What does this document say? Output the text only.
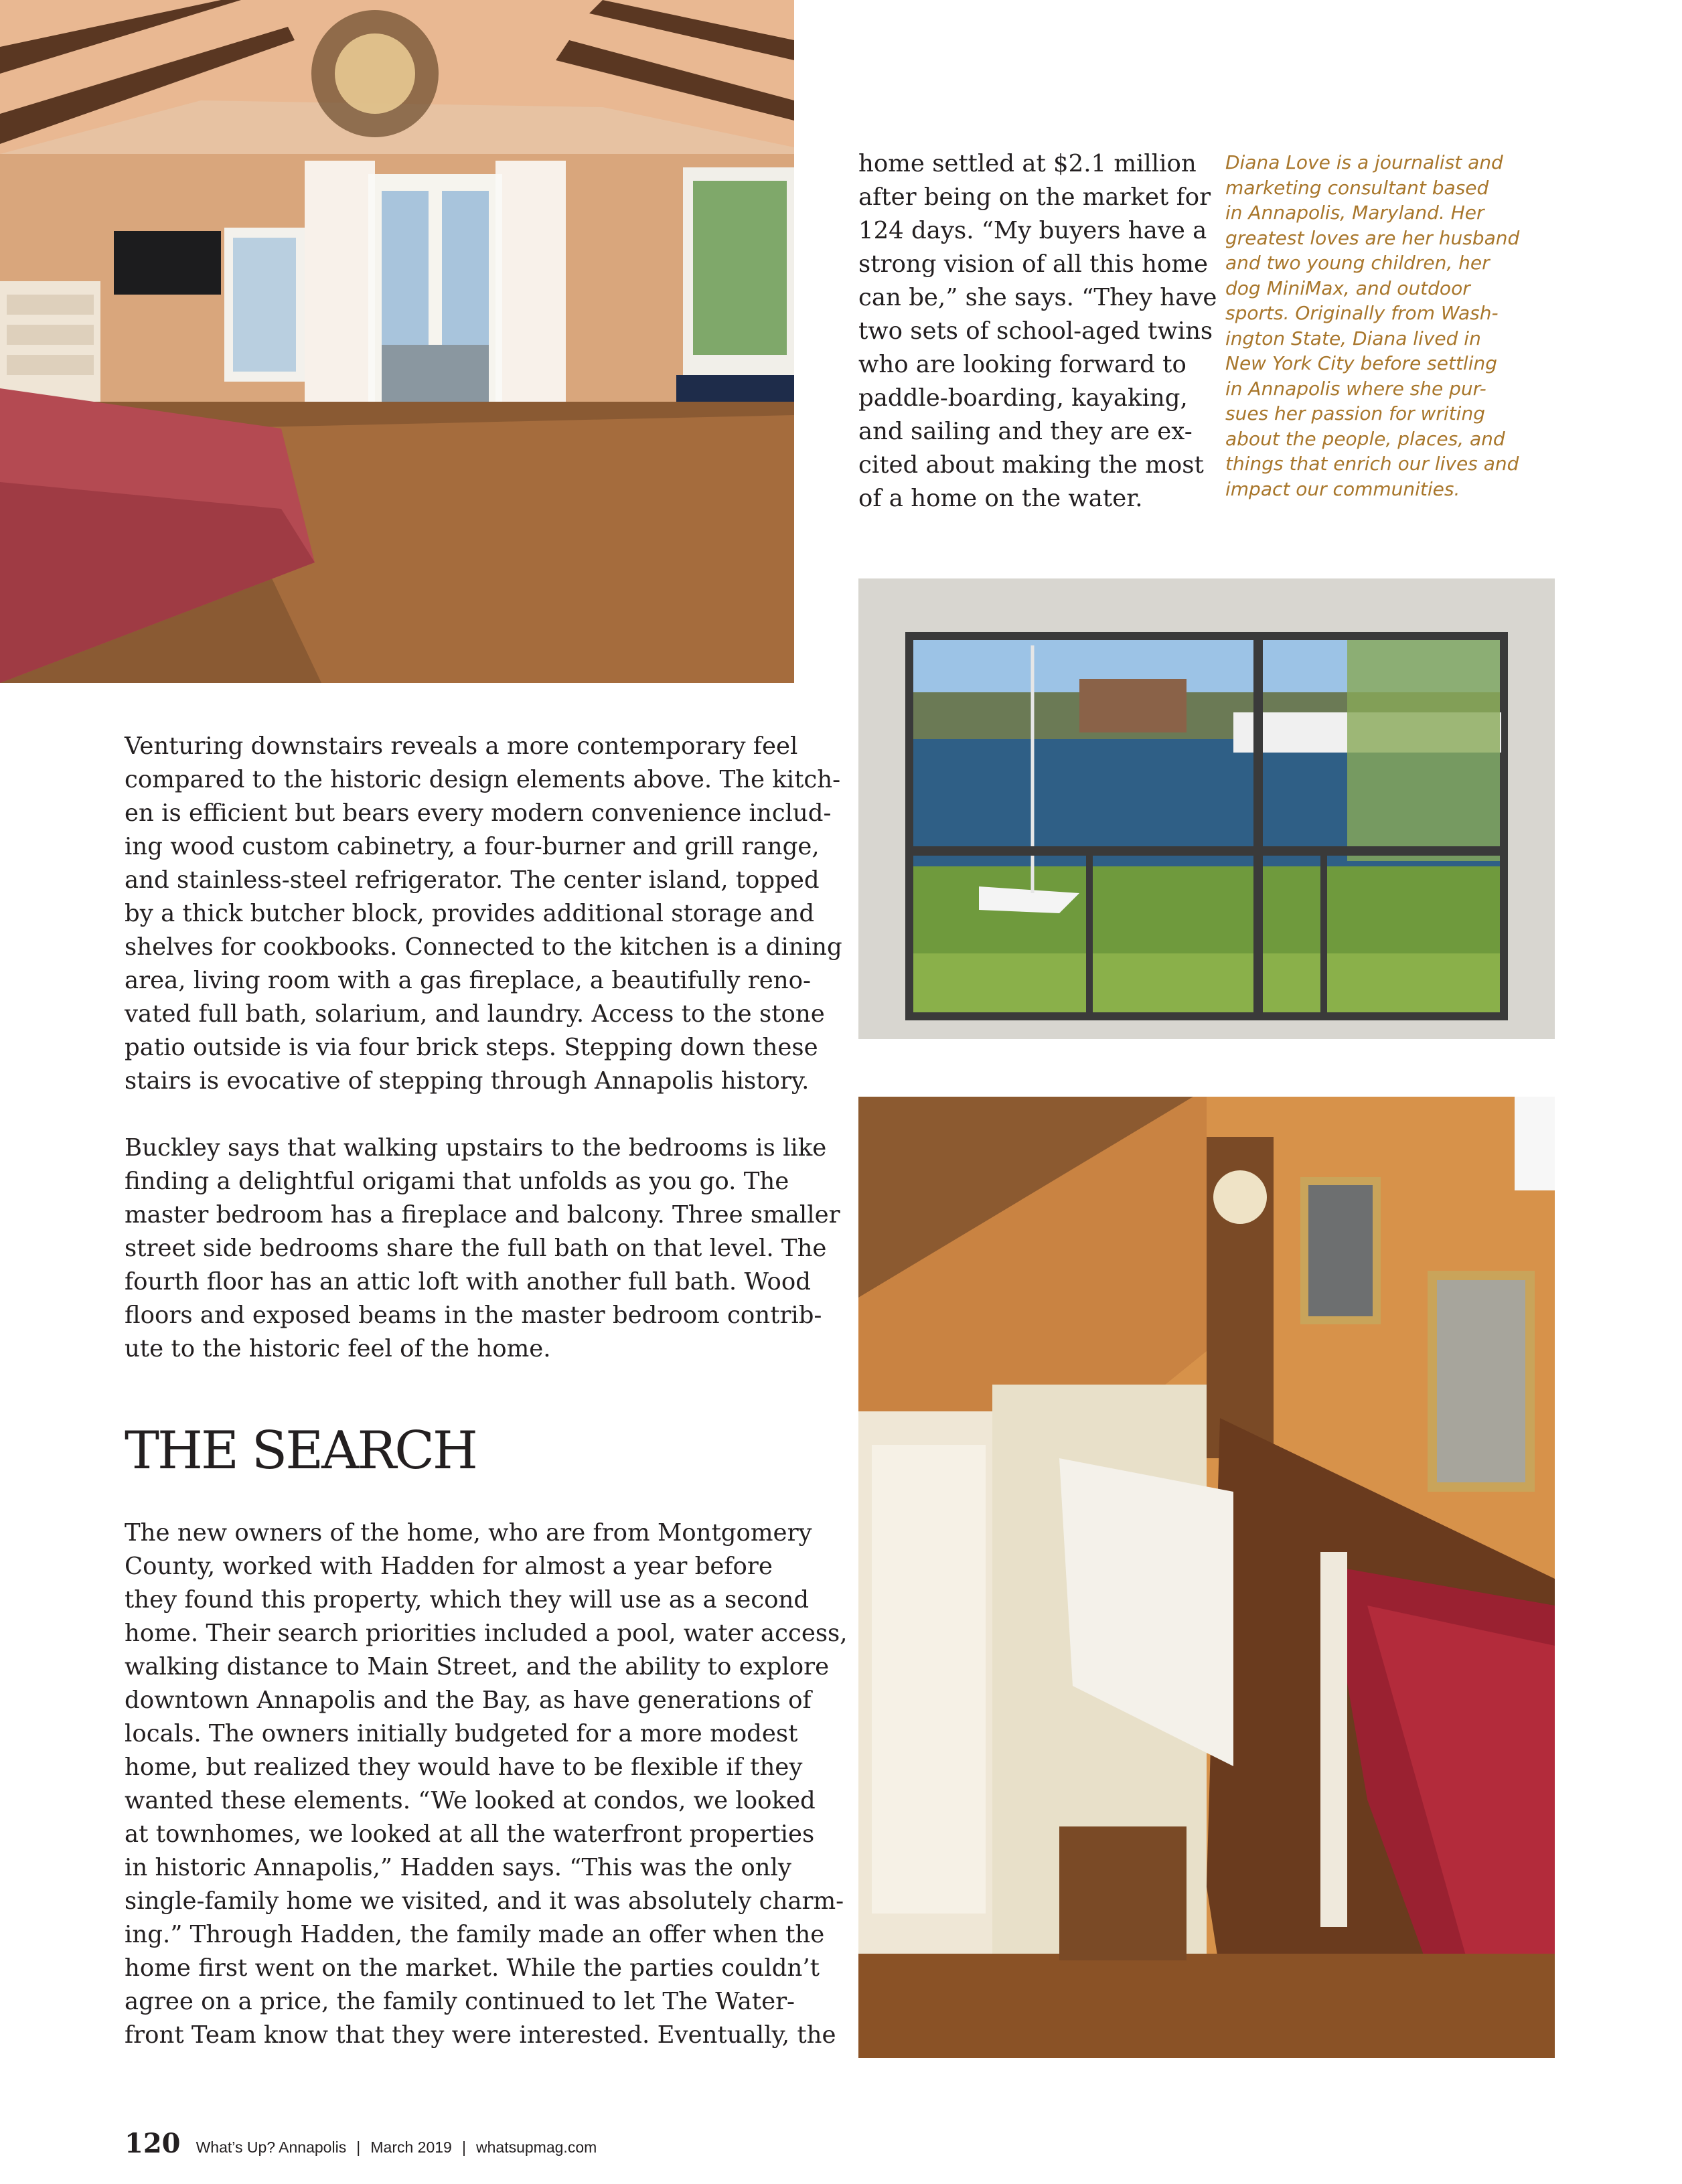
home settled at $2.1 million
after being on the market for
124 days. “My buyers have a
strong vision of all this home
can be,” she says. “They have
two sets of school-aged twins
who are looking forward to
paddle-boarding, kayaking,
and sailing and they are ex-
cited about making the most
of a home on the water.

Diana Love is a journalist and
marketing consultant based
in Annapolis, Maryland. Her
greatest loves are her husband
and two young children, her
dog MiniMax, and outdoor
sports. Originally from Wash-
ington State, Diana lived in
New York City before settling
in Annapolis where she pur-
sues her passion for writing
about the people, places, and
things that enrich our lives and
impact our communities.

Venturing downstairs reveals a more contemporary feel
compared to the historic design elements above. The kitch-
en is efficient but bears every modern convenience includ-
ing wood custom cabinetry, a four-burner and grill range,
and stainless-steel refrigerator. The center island, topped
by a thick butcher block, provides additional storage and
shelves for cookbooks. Connected to the kitchen is a dining
area, living room with a gas fireplace, a beautifully reno-
vated full bath, solarium, and laundry. Access to the stone
patio outside is via four brick steps. Stepping down these
stairs is evocative of stepping through Annapolis history.

Buckley says that walking upstairs to the bedrooms is like
finding a delightful origami that unfolds as you go. The
master bedroom has a fireplace and balcony. Three smaller
street side bedrooms share the full bath on that level. The
fourth floor has an attic loft with another full bath. Wood
floors and exposed beams in the master bedroom contrib-
ute to the historic feel of the home.

THE SEARCH

The new owners of the home, who are from Montgomery
County, worked with Hadden for almost a year before
they found this property, which they will use as a second
home. Their search priorities included a pool, water access,
walking distance to Main Street, and the ability to explore
downtown Annapolis and the Bay, as have generations of
locals. The owners initially budgeted for a more modest
home, but realized they would have to be flexible if they
wanted these elements. “We looked at condos, we looked
at townhomes, we looked at all the waterfront properties
in historic Annapolis,” Hadden says. “This was the only
single-family home we visited, and it was absolutely charm-
ing.” Through Hadden, the family made an offer when the
home first went on the market. While the parties couldn’t
agree on a price, the family continued to let The Water-
front Team know that they were interested. Eventually, the

120 What’s Up? Annapolis | March 2019 | whatsupmag.com
